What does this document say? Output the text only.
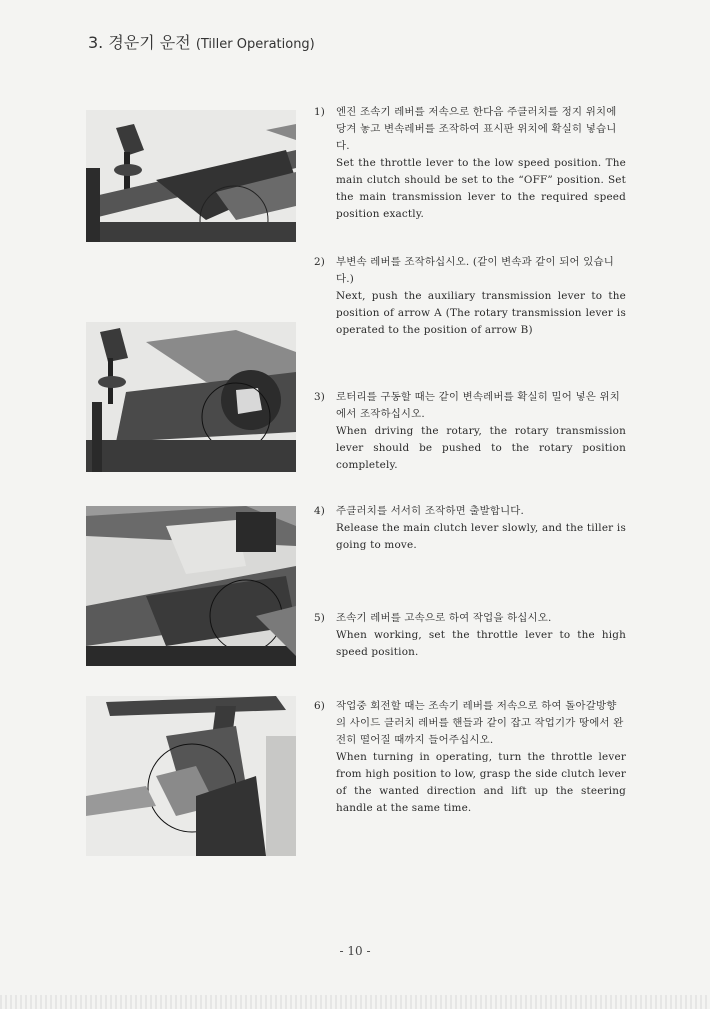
3. 경운기 운전 (Tiller Operationg)
1) 엔진 조속기 레버를 저속으로 한다음 주클러치를 정지 위치에 당겨 놓고 변속레버를 조작하여 표시판 위치에 확실히 넣습니다.
Set the throttle lever to the low speed position. The main clutch should be set to the “OFF” position. Set the main transmission lever to the required speed position exactly.
2) 부변속 레버를 조작하십시오. (같이 변속과 같이 되어 있습니다.)
Next, push the auxiliary transmission lever to the position of arrow A (The rotary transmission lever is operated to the position of arrow B)
3) 로터리를 구동할 때는 같이 변속레버를 확실히 밀어 넣은 위치에서 조작하십시오.
When driving the rotary, the rotary transmission lever should be pushed to the rotary position completely.
4) 주클러치를 서서히 조작하면 출발합니다.
Release the main clutch lever slowly, and the tiller is going to move.
5) 조속기 레버를 고속으로 하여 작업을 하십시오.
When working, set the throttle lever to the high speed position.
6) 작업중 회전할 때는 조속기 레버를 저속으로 하여 돌아갈방향의 사이드 클러치 레버를 핸들과 같이 잡고 작업기가 땅에서 완전히 떨어질 때까지 들어주십시오.
When turning in operating, turn the throttle lever from high position to low, grasp the side clutch lever of the wanted direction and lift up the steering handle at the same time.
- 10 -
